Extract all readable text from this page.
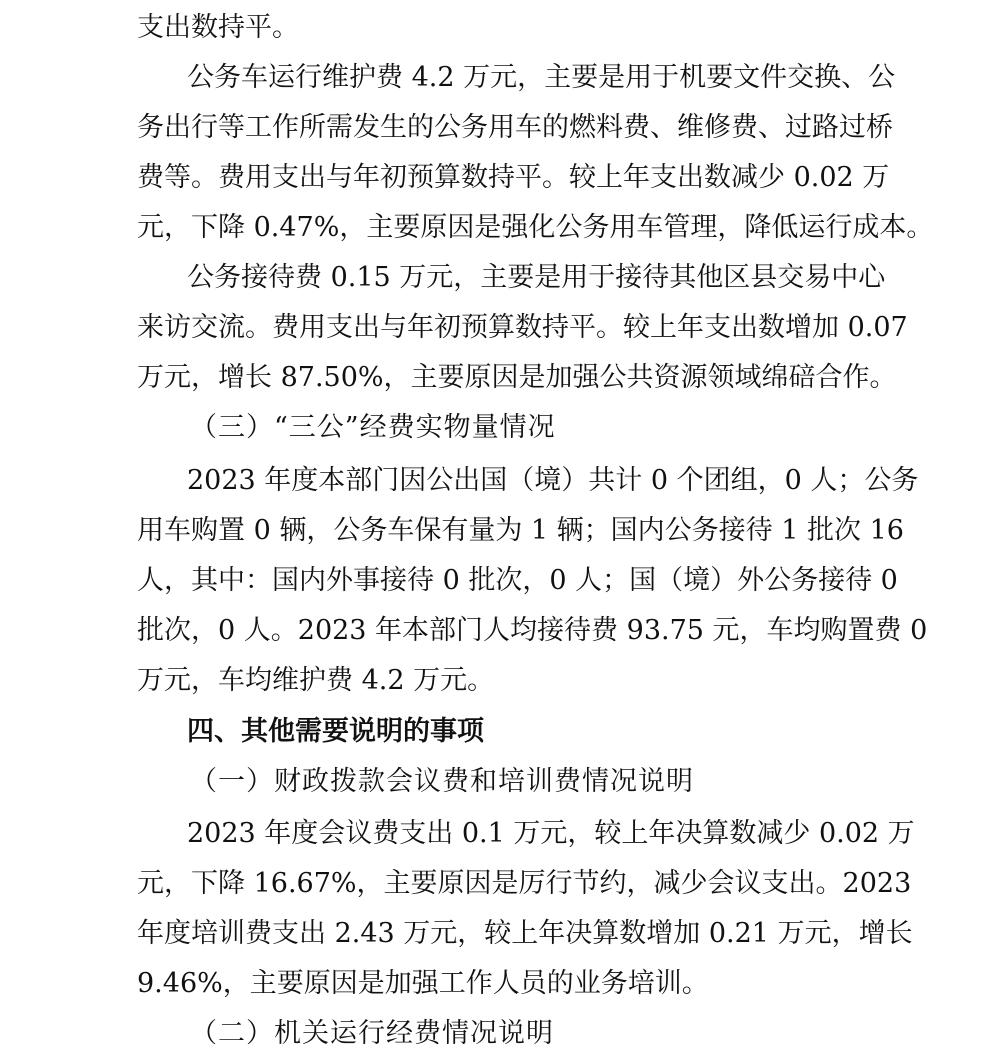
支出数持平。
公务车运行维护费 4.2 万元，主要是用于机要文件交换、公
务出行等工作所需发生的公务用车的燃料费、维修费、过路过桥
费等。费用支出与年初预算数持平。较上年支出数减少 0.02 万
元，下降 0.47%，主要原因是强化公务用车管理，降低运行成本。
公务接待费 0.15 万元，主要是用于接待其他区县交易中心
来访交流。费用支出与年初预算数持平。较上年支出数增加 0.07
万元，增长 87.50%，主要原因是加强公共资源领域绵碚合作。
（三）“三公”经费实物量情况
2023 年度本部门因公出国（境）共计 0 个团组，0 人；公务
用车购置 0 辆，公务车保有量为 1 辆；国内公务接待 1 批次 16
人，其中：国内外事接待 0 批次，0 人；国（境）外公务接待 0
批次，0 人。2023 年本部门人均接待费 93.75 元，车均购置费 0
万元，车均维护费 4.2 万元。
四、其他需要说明的事项
（一）财政拨款会议费和培训费情况说明
2023 年度会议费支出 0.1 万元，较上年决算数减少 0.02 万
元，下降 16.67%，主要原因是厉行节约，减少会议支出。2023
年度培训费支出 2.43 万元，较上年决算数增加 0.21 万元，增长
9.46%，主要原因是加强工作人员的业务培训。
（二）机关运行经费情况说明
